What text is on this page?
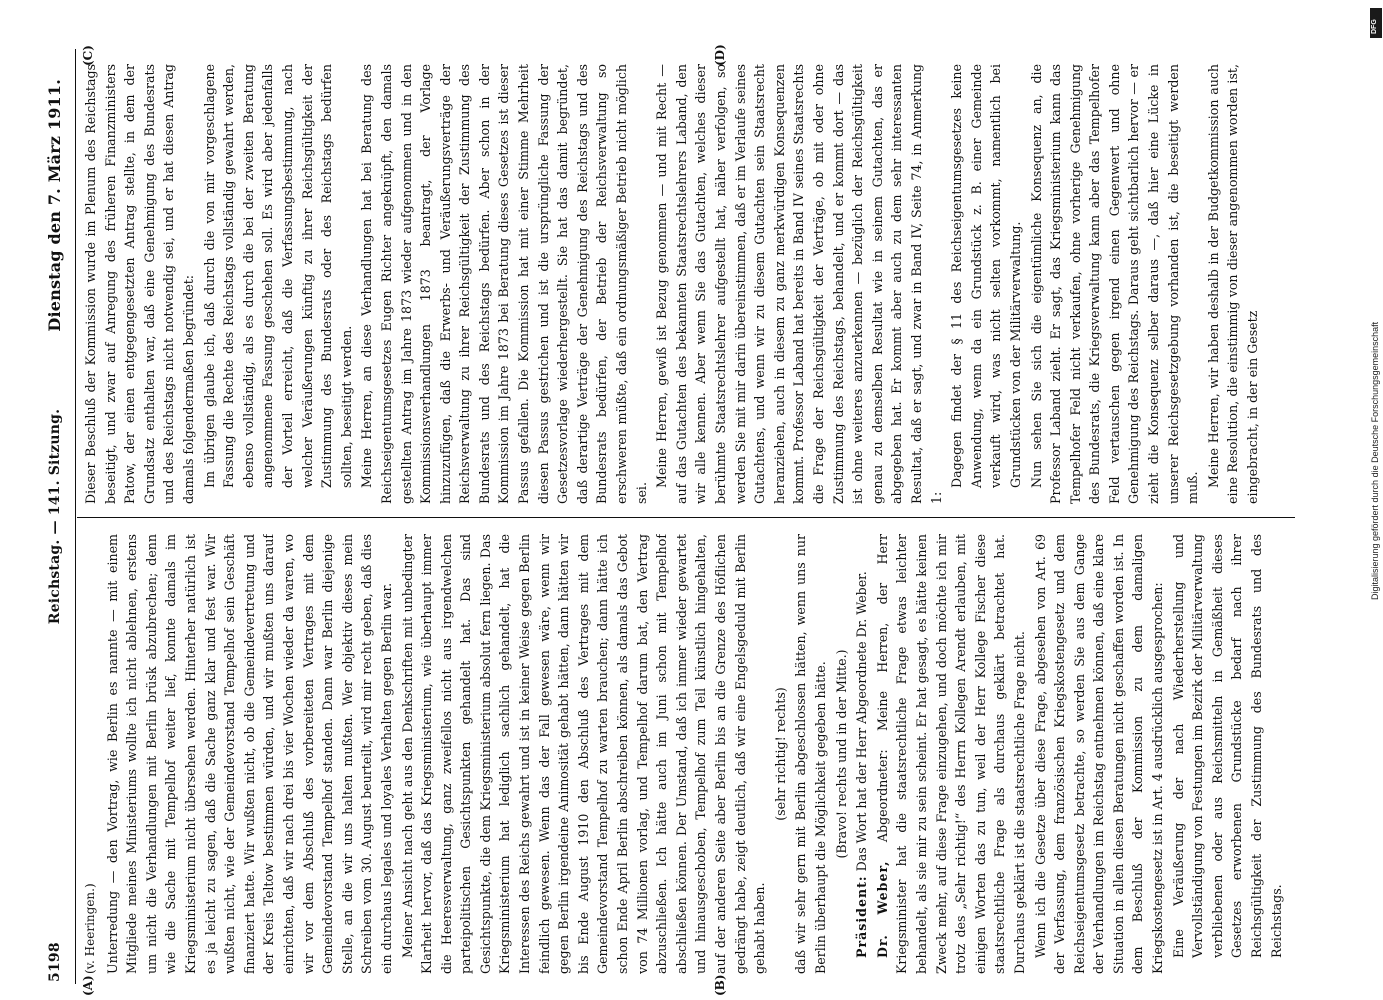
5198
Reichstag. — 141. Sitzung.
Dienstag den 7. März 1911.
(A)	(B)
(C)	(D)

(v. Heeringen.) Unterredung — den Vortrag, wie Berlin es nannte — mit einem Mitgliede meines Ministeriums wollte ich nicht ablehnen, erstens um nicht die Verhandlungen mit Berlin brüsk abzubrechen; denn wie die Sache mit Tempelhof weiter lief, konnte damals im Kriegsministerium nicht übersehen werden. Hinterher natürlich ist es ja leicht zu sagen, daß die Sache ganz klar und fest war. Wir wußten nicht, wie der Gemeindevorstand Tempelhof sein Geschäft finanziert hatte. Wir wußten nicht, ob die Gemeindevertretung und der Kreis Teltow bestimmen würden, und wir mußten uns darauf einrichten, daß wir nach drei bis vier Wochen wieder da waren, wo wir vor dem Abschluß des vorbereiteten Vertrages mit dem Gemeindevorstand Tempelhof standen. Dann war Berlin diejenige Stelle, an die wir uns halten mußten. Wer objektiv dieses mein Schreiben vom 30. August beurteilt, wird mir recht geben, daß dies ein durchaus legales und loyales Verhalten gegen Berlin war. Meiner Ansicht nach geht aus den Denkschriften mit unbedingter Klarheit hervor, daß das Kriegsministerium, wie überhaupt immer die Heeresverwaltung, ganz zweifellos nicht aus irgendwelchen parteipolitischen Gesichtspunkten gehandelt hat. Das sind Gesichtspunkte, die dem Kriegsministerium absolut fern liegen. Das Kriegsministerium hat lediglich sachlich gehandelt, hat die Interessen des Reichs gewahrt und ist in keiner Weise gegen Berlin feindlich gewesen. Wenn das der Fall gewesen wäre, wenn wir gegen Berlin irgendeine Animosität gehabt hätten, dann hätten wir bis Ende August 1910 den Abschluß des Vertrages mit dem Gemeindevorstand Tempelhof zu warten brauchen; dann hätte ich schon Ende April Berlin abschreiben können, als damals das Gebot von 74 Millionen vorlag, und Tempelhof darum bat, den Vertrag abzuschließen. Ich hätte auch im Juni schon mit Tempelhof abschließen können. Der Umstand, daß ich immer wieder gewartet und hinausgeschoben, Tempelhof zum Teil künstlich hingehalten, auf der anderen Seite aber Berlin bis an die Grenze des Höflichen gedrängt habe, zeigt deutlich, daß wir eine Engelsgeduld mit Berlin gehabt haben.

(sehr richtig! rechts) daß wir sehr gern mit Berlin abgeschlossen hätten, wenn uns nur Berlin überhaupt die Möglichkeit gegeben hätte. (Bravo! rechts und in der Mitte.)

Präsident: Das Wort hat der Herr Abgeordnete Dr. Weber.

Dr. Weber, Abgeordneter: Meine Herren, der Herr Kriegsminister hat die staatsrechtliche Frage etwas leichter behandelt, als sie mir zu sein scheint. Er hat gesagt, es hätte keinen Zweck mehr, auf diese Frage einzugehen, und doch möchte ich mir trotz des „Sehr richtig!“ des Herrn Kollegen Arendt erlauben, mit einigen Worten das zu tun, weil der Herr Kollege Fischer diese staatsrechtliche Frage als durchaus geklärt betrachtet hat. Durchaus geklärt ist die staatsrechtliche Frage nicht. Wenn ich die Gesetze über diese Frage, abgesehen von Art. 69 der Verfassung, dem französischen Kriegskostengesetz und dem Reichseigentumsgesetz betrachte, so werden Sie aus dem Gange der Verhandlungen im Reichstag entnehmen können, daß eine klare Situation in allen diesen Beratungen nicht geschaffen worden ist. In dem Beschluß der Kommission zu dem damaligen Kriegskostengesetz ist in Art. 4 ausdrücklich ausgesprochen: Eine Veräußerung der nach Wiederherstellung und Vervollständigung von Festungen im Bezirk der Militärverwaltung verbliebenen oder aus Reichsmitteln in Gemäßheit dieses Gesetzes erworbenen Grundstücke bedarf nach ihrer Reichsgültigkeit der Zustimmung des Bundesrats und des Reichstags.

Dieser Beschluß der Kommission wurde im Plenum des Reichstags beseitigt, und zwar auf Anregung des früheren Finanzministers Patow, der einen entgegengesetzten Antrag stellte, in dem der Grundsatz enthalten war, daß eine Genehmigung des Bundesrats und des Reichstags nicht notwendig sei, und er hat diesen Antrag damals folgendermaßen begründet: Im übrigen glaube ich, daß durch die von mir vorgeschlagene Fassung die Rechte des Reichstags vollständig gewahrt werden, ebenso vollständig, als es durch die bei der zweiten Beratung angenommene Fassung geschehen soll. Es wird aber jedenfalls der Vorteil erreicht, daß die Verfassungsbestimmung, nach welcher Veräußerungen künftig zu ihrer Reichsgültigkeit der Zustimmung des Bundesrats oder des Reichstags bedürfen sollten, beseitigt werden. Meine Herren, an diese Verhandlungen hat bei Beratung des Reichseigentumsgesetzes Eugen Richter angeknüpft, den damals gestellten Antrag im Jahre 1873 wieder aufgenommen und in den Kommissionsverhandlungen 1873 beantragt, der Vorlage hinzuzufügen, daß die Erwerbs- und Veräußerungsverträge der Reichsverwaltung zu ihrer Reichsgültigkeit der Zustimmung des Bundesrats und des Reichstags bedürfen. Aber schon in der Kommission im Jahre 1873 bei Beratung dieses Gesetzes ist dieser Passus gefallen. Die Kommission hat mit einer Stimme Mehrheit diesen Passus gestrichen und ist die ursprüngliche Fassung der Gesetzesvorlage wiederhergestellt. Sie hat das damit begründet, daß derartige Verträge der Genehmigung des Reichstags und des Bundesrats bedürfen, der Betrieb der Reichsverwaltung so erschweren müßte, daß ein ordnungsmäßiger Betrieb nicht möglich sei.

Meine Herren, gewiß ist Bezug genommen — und mit Recht — auf das Gutachten des bekannten Staatsrechtslehrers Laband, den wir alle kennen. Aber wenn Sie das Gutachten, welches dieser berühmte Staatsrechtslehrer aufgestellt hat, näher verfolgen, so werden Sie mit mir darin übereinstimmen, daß er im Verlaufe seines Gutachtens, und wenn wir zu diesem Gutachten sein Staatsrecht heranziehen, auch in diesem zu ganz merkwürdigen Konsequenzen kommt. Professor Laband hat bereits in Band IV seines Staatsrechts die Frage der Reichsgültigkeit der Verträge, ob mit oder ohne Zustimmung des Reichstags, behandelt, und er kommt dort — das ist ohne weiteres anzuerkennen — bezüglich der Reichsgültigkeit genau zu demselben Resultat wie in seinem Gutachten, das er abgegeben hat. Er kommt aber auch zu dem sehr interessanten Resultat, daß er sagt, und zwar in Band IV, Seite 74, in Anmerkung 1:

Dagegen findet der § 11 des Reichseigentumsgesetzes keine Anwendung, wenn da ein Grundstück z. B. einer Gemeinde verkauft wird, was nicht selten vorkommt, namentlich bei Grundstücken von der Militärverwaltung. Nun sehen Sie sich die eigentümliche Konsequenz an, die Professor Laband zieht. Er sagt, das Kriegsministerium kann das Tempelhofer Feld nicht verkaufen, ohne vorherige Genehmigung des Bundesrats, die Kriegsverwaltung kann aber das Tempelhofer Feld vertauschen gegen irgend einen Gegenwert und ohne Genehmigung des Reichstags. Daraus geht sichtbarlich hervor — er zieht die Konsequenz selber daraus —, daß hier eine Lücke in unserer Reichsgesetzgebung vorhanden ist, die beseitigt werden muß. Meine Herren, wir haben deshalb in der Budgetkommission auch eine Resolution, die einstimmig von dieser angenommen worden ist, eingebracht, in der ein Gesetz

DFG
Digitalisierung gefördert durch die Deutsche Forschungsgemeinschaft
